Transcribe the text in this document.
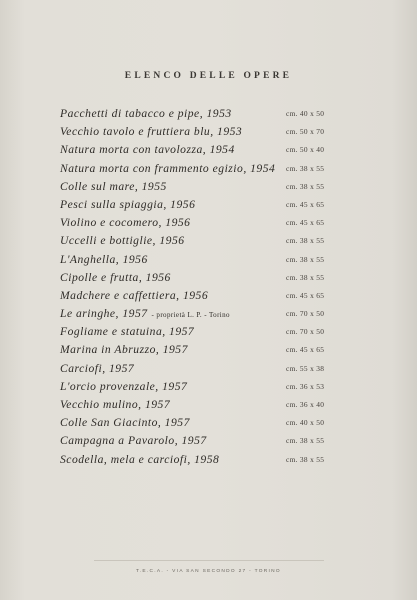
ELENCO DELLE OPERE
Pacchetti di tabacco e pipe, 1953	cm. 40 x 50
Vecchio tavolo e fruttiera blu, 1953	cm. 50 x 70
Natura morta con tavolozza, 1954	cm. 50 x 40
Natura morta con frammento egizio, 1954 cm. 38 x 55
Colle sul mare, 1955	cm. 38 x 55
Pesci sulla spiaggia, 1956	cm. 45 x 65
Violino e cocomero, 1956	cm. 45 x 65
Uccelli e bottiglie, 1956	cm. 38 x 55
L'Anghella, 1956	cm. 38 x 55
Cipolle e frutta, 1956	cm. 38 x 55
Madchere e caffettiera, 1956	cm. 45 x 65
Le aringhe, 1957 - proprietà L. P. - Torino	cm. 70 x 50
Fogliame e statuina, 1957	cm. 70 x 50
Marina in Abruzzo, 1957	cm. 45 x 65
Carciofi, 1957	cm. 55 x 38
L'orcio provenzale, 1957	cm. 36 x 53
Vecchio mulino, 1957	cm. 36 x 40
Colle San Giacinto, 1957	cm. 40 x 50
Campagna a Pavarolo, 1957	cm. 38 x 55
Scodella, mela e carciofi, 1958	cm. 38 x 55
T.E.C.A. - VIA SAN SECONDO 27 - TORINO
